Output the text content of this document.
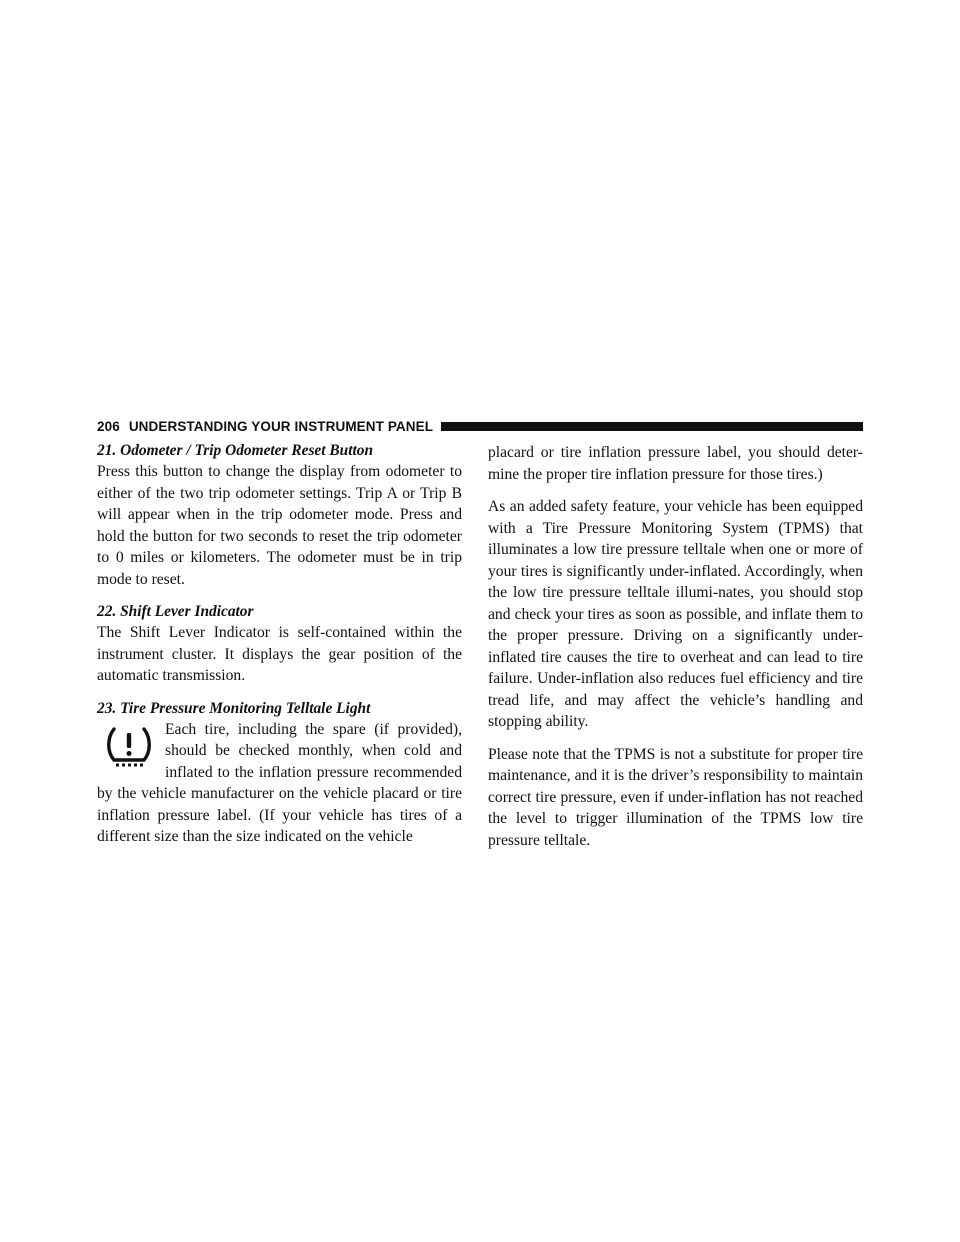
206 UNDERSTANDING YOUR INSTRUMENT PANEL
21. Odometer / Trip Odometer Reset Button

Press this button to change the display from odometer to either of the two trip odometer settings. Trip A or Trip B will appear when in the trip odometer mode. Press and hold the button for two seconds to reset the trip odometer to 0 miles or kilometers. The odometer must be in trip mode to reset.

22. Shift Lever Indicator

The Shift Lever Indicator is self-contained within the instrument cluster. It displays the gear position of the automatic transmission.

23. Tire Pressure Monitoring Telltale Light

Each tire, including the spare (if provided), should be checked monthly, when cold and inflated to the inflation pressure recommended by the vehicle manufacturer on the vehicle placard or tire inflation pressure label. (If your vehicle has tires of a different size than the size indicated on the vehicle

placard or tire inflation pressure label, you should deter-mine the proper tire inflation pressure for those tires.)

As an added safety feature, your vehicle has been equipped with a Tire Pressure Monitoring System (TPMS) that illuminates a low tire pressure telltale when one or more of your tires is significantly under-inflated. Accordingly, when the low tire pressure telltale illumi-nates, you should stop and check your tires as soon as possible, and inflate them to the proper pressure. Driving on a significantly under-inflated tire causes the tire to overheat and can lead to tire failure. Under-inflation also reduces fuel efficiency and tire tread life, and may affect the vehicle’s handling and stopping ability.

Please note that the TPMS is not a substitute for proper tire maintenance, and it is the driver’s responsibility to maintain correct tire pressure, even if under-inflation has not reached the level to trigger illumination of the TPMS low tire pressure telltale.
